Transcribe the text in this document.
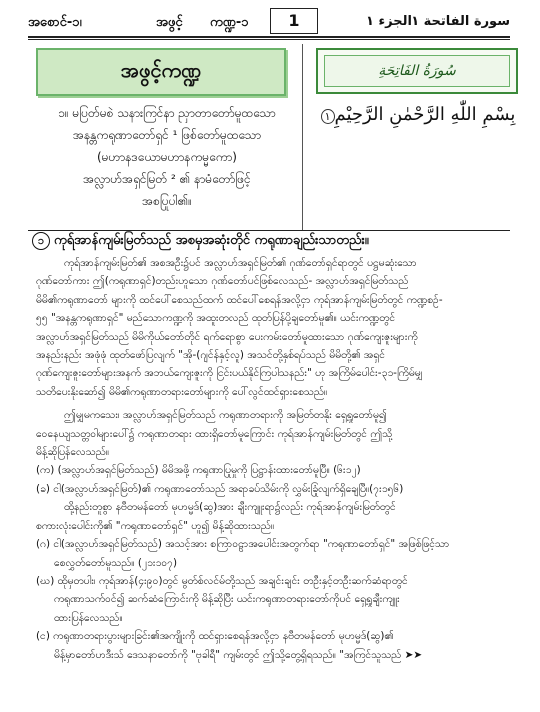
အစောင်-၁၊	အဖွင့် ကဏ္ဍ-၁	1	الجزء ١ سورة الفاتحة ١
အဖွင့်ကဏ္ဍ	سُورَةُ الفَاتِحَةِ
၁။ မပြတ်မစဲ သနားကြင်နာ ညှာတာတော်မူထသော
အနန္တကရုဏာတော်ရှင် ¹ ဖြစ်တော်မူထသော
(မဟာနဒယောမဟာနကမ္မကော)
အလ္လာဟ်အရှင်မြတ် ² ၏ နာမံတော်ဖြင့်
အစပြုပါ၏။
بِسْمِ اللّٰهِ الرَّحْمٰنِ الرَّحِيْمِ١
၁ ကုရ်အာန်ကျမ်းမြတ်သည် အစမှအဆုံးတိုင် ကရုဏာချည်းသာတည်း။
ကုရ်အာန်ကျမ်းမြတ်၏ အစအဦး၌ပင် အလ္လာဟ်အရှင်မြတ်၏ ဂုဏ်တော်ရှင်ရာတွင် ပဋ္ဌမဆုံးသော
ဂုဏ်တော်ကား ဤ(ကရုဏာရှင်)တည်းဟူသော ဂုဏ်တော်ပင်ဖြစ်လေသည်- အလ္လာဟ်အရှင်မြတ်သည်
မိမိ၏ကရုဏာတော် များကို ထင်ပေါ်စေသည်ထက် ထင်ပေါ်စေရန်အလို့ငှာ ကုရ်အာန်ကျမ်းမြတ်တွင် ကဏ္ဍစဉ်-
၅၅ "အနန္တကရုဏာရှင်" မည်သောကဏ္ဍကို အထူးတလည် ထုတ်ပြန်ပို့ချတော်မူ၏။ ယင်းကဏ္ဍတွင်
အလ္လာဟ်အရှင်မြတ်သည် မိမိကိုယ်တော်တိုင် ရက်ရောစွာ ပေးကမ်းတော်မူထားသော ဂုဏ်ကျေးဇူးများကို
အနည်းနည်း အဖုံဖုံ ထုတ်ဖော်ပြလျက် "အို-(ဂျင်န်နှင့်လူ) အသင်တို့နှစ်ရပ်သည် မိမိတို့၏ အရှင်
ဂုဏ်ကျေးဇူးတော်များအနက် အဘယ်ကျေးဇူးကို ငြင်းပယ်နိုင်ကြပါသနည်း" ဟု အကြိမ်ပေါင်း-၃၁-ကြိမ်မျှ
သတိပေးနိုးဆော်၍ မိမိ၏ကရုဏာတရားတော်များကို ပေါ်လွင်ထင်ရှားစေသည်။
ဤမျှမကသေး၊ အလ္လာဟ်အရှင်မြတ်သည် ကရုဏာတရားကို အမြတ်တနိုး ရှေ့ရှုတော်မူ၍
ဝေနေယျသတ္တဝါများပေါ်၌ ကရုဏာတရား ထားရှိတော်မူကြောင်း ကုရ်အာန်ကျမ်းမြတ်တွင် ဤသို့
မိန့်ဆိုပြန်လေသည်။
(က) (အလ္လာဟ်အရှင်မြတ်သည်) မိမိအဖို့ ကရုဏာပြုမှုကို ပြဋ္ဌာန်းထားတော်မူပြီ။ (၆း၁၂)
(ခ) ငါ(အလ္လာဟ်အရှင်မြတ်)၏ ကရုဏာတော်သည် အရာခပ်သိမ်းကို လွှမ်းခြုံလျက်ရှိချေပြီ။(၇း၁၅၆)
ထို့နည်းတူစွာ နဗီတမန်တော် မုဟမ္မဒ်(ဆွ)အား ချီးကျူးရာ၌လည်း ကုရ်အာန်ကျမ်းမြတ်တွင်
စကားလုံးပေါင်းကို၏ "ကရုဏာတော်ရှင်" ဟူ၍ မိန့်ဆိုထားသည်။
(ဂ) ငါ(အလ္လာဟ်အရှင်မြတ်သည်) အသင့်အား စကြာဝဠာအပေါင်းအတွက်ရာ "ကရုဏာတော်ရှင်" အဖြစ်ဖြင့်သာ
စေလွှတ်တော်မူသည်။ (၂၁း၁၀၇)
(ဃ) ထိုမှတပါး၊ ကုရ်အာန်(၄း၉၀)တွင် မွတ်စ်လင်မ်တို့သည် အချင်းချင်း တဦးနှင့်တဦးဆက်ဆံရာတွင်
ကရုဏာသက်ဝင်၍ ဆက်ဆံကြောင်းကို မိန့်ဆိုပြီး ယင်းကရုဏာတရားတော်ကိုပင် ရှေ့ရှုချီးကျူး
ထားပြန်လေသည်။
(င) ကရုဏာတရားပွားများခြင်း၏အကျိုးကို ထင်ရှားစေရန်အလို့ငှာ နဗီတမန်တော် မုဟမ္မဒ်(ဆွ)၏
မိန့်မှာတော်ဟဒီးသ် ဒေသနာတော်ကို "ဗုခါရီ" ကျမ်းတွင် ဤသို့တွေ့ရှိရသည်။ "အကြင်သူသည် ➤➤
